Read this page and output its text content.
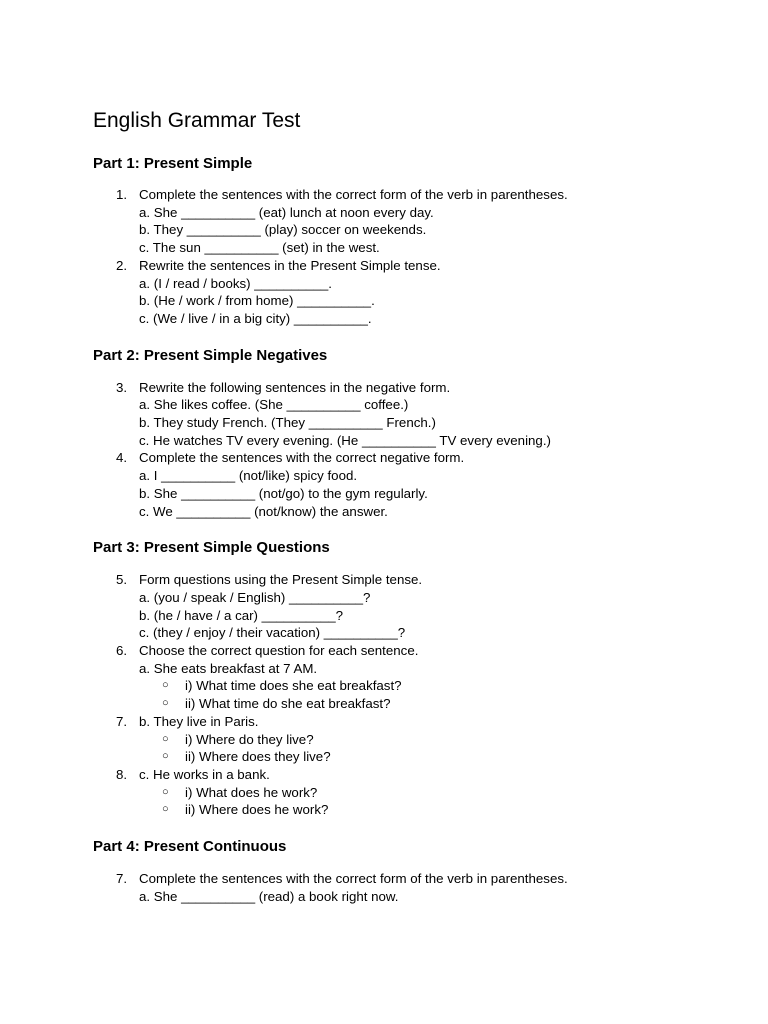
English Grammar Test
Part 1: Present Simple
1. Complete the sentences with the correct form of the verb in parentheses.

a. She __________ (eat) lunch at noon every day.
b. They __________ (play) soccer on weekends.
c. The sun __________ (set) in the west.
2. Rewrite the sentences in the Present Simple tense.

a. (I / read / books) __________.
b. (He / work / from home) __________.
c. (We / live / in a big city) __________.
Part 2: Present Simple Negatives
3. Rewrite the following sentences in the negative form.

a. She likes coffee. (She __________ coffee.)
b. They study French. (They __________ French.)
c. He watches TV every evening. (He __________ TV every evening.)
4. Complete the sentences with the correct negative form.

a. I __________ (not/like) spicy food.
b. She __________ (not/go) to the gym regularly.
c. We __________ (not/know) the answer.
Part 3: Present Simple Questions
5. Form questions using the Present Simple tense.

a. (you / speak / English) __________?
b. (he / have / a car) __________?
c. (they / enjoy / their vacation) __________?
6. Choose the correct question for each sentence.

a. She eats breakfast at 7 AM.
○ i) What time does she eat breakfast?
○ ii) What time do she eat breakfast?
7. b. They live in Paris.

○ i) Where do they live?
○ ii) Where does they live?
8. c. He works in a bank.

○ i) What does he work?
○ ii) Where does he work?
Part 4: Present Continuous
7. Complete the sentences with the correct form of the verb in parentheses.

a. She __________ (read) a book right now.
